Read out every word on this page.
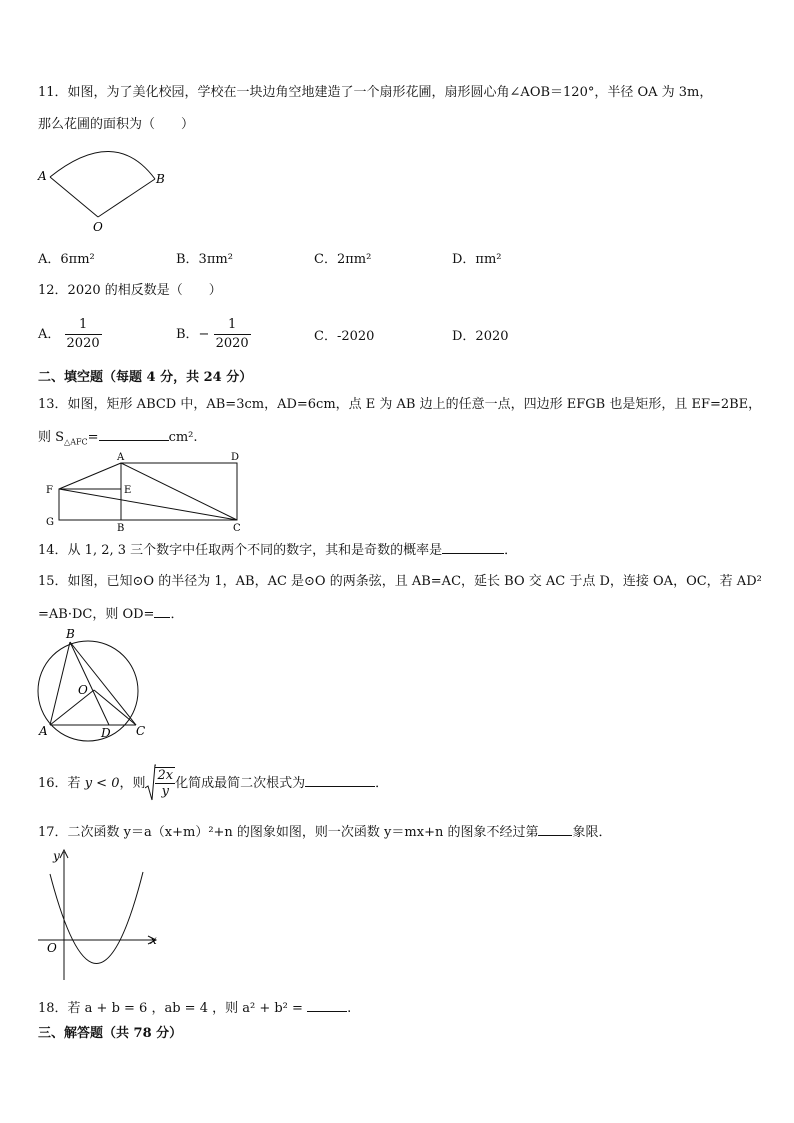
11．如图，为了美化校园，学校在一块边角空地建造了一个扇形花圃，扇形圆心角∠AOB＝120°，半径 OA 为 3m，
那么花圃的面积为（　　）
A	B
O
A．6πm²	B．3πm²	C．2πm²	D．πm²
12．2020 的相反数是（　　）
A． $\frac{1}{2020}$	B．− $\frac{1}{2020}$	C．-2020	D．2020
二、填空题（每题 4 分，共 24 分）
13．如图，矩形 ABCD 中，AB=3cm，AD=6cm，点 E 为 AB 边上的任意一点，四边形 EFGB 也是矩形，且 EF=2BE，
则 $S_{\triangle AFC}=$	cm².
A	D
F	E
G
B	C
14．从 1, 2, 3 三个数字中任取两个不同的数字，其和是奇数的概率是	．
15．如图，已知⊙O 的半径为 1，AB，AC 是⊙O 的两条弦，且 AB=AC，延长 BO 交 AC 于点 D，连接 OA，OC，若 AD²
=AB·DC，则 OD= ．
B
O
A	D C
16．若 y < 0，则 $\frac{2x}{y}$ 化简成最简二次根式为	．
17．二次函数 y＝a（x+m）²+n 的图象如图，则一次函数 y＝mx+n 的图象不经过第	象限．
y
x
O
18．若 a + b = 6 ，ab = 4 ，则 a² + b² =	.
三、解答题（共 78 分）
